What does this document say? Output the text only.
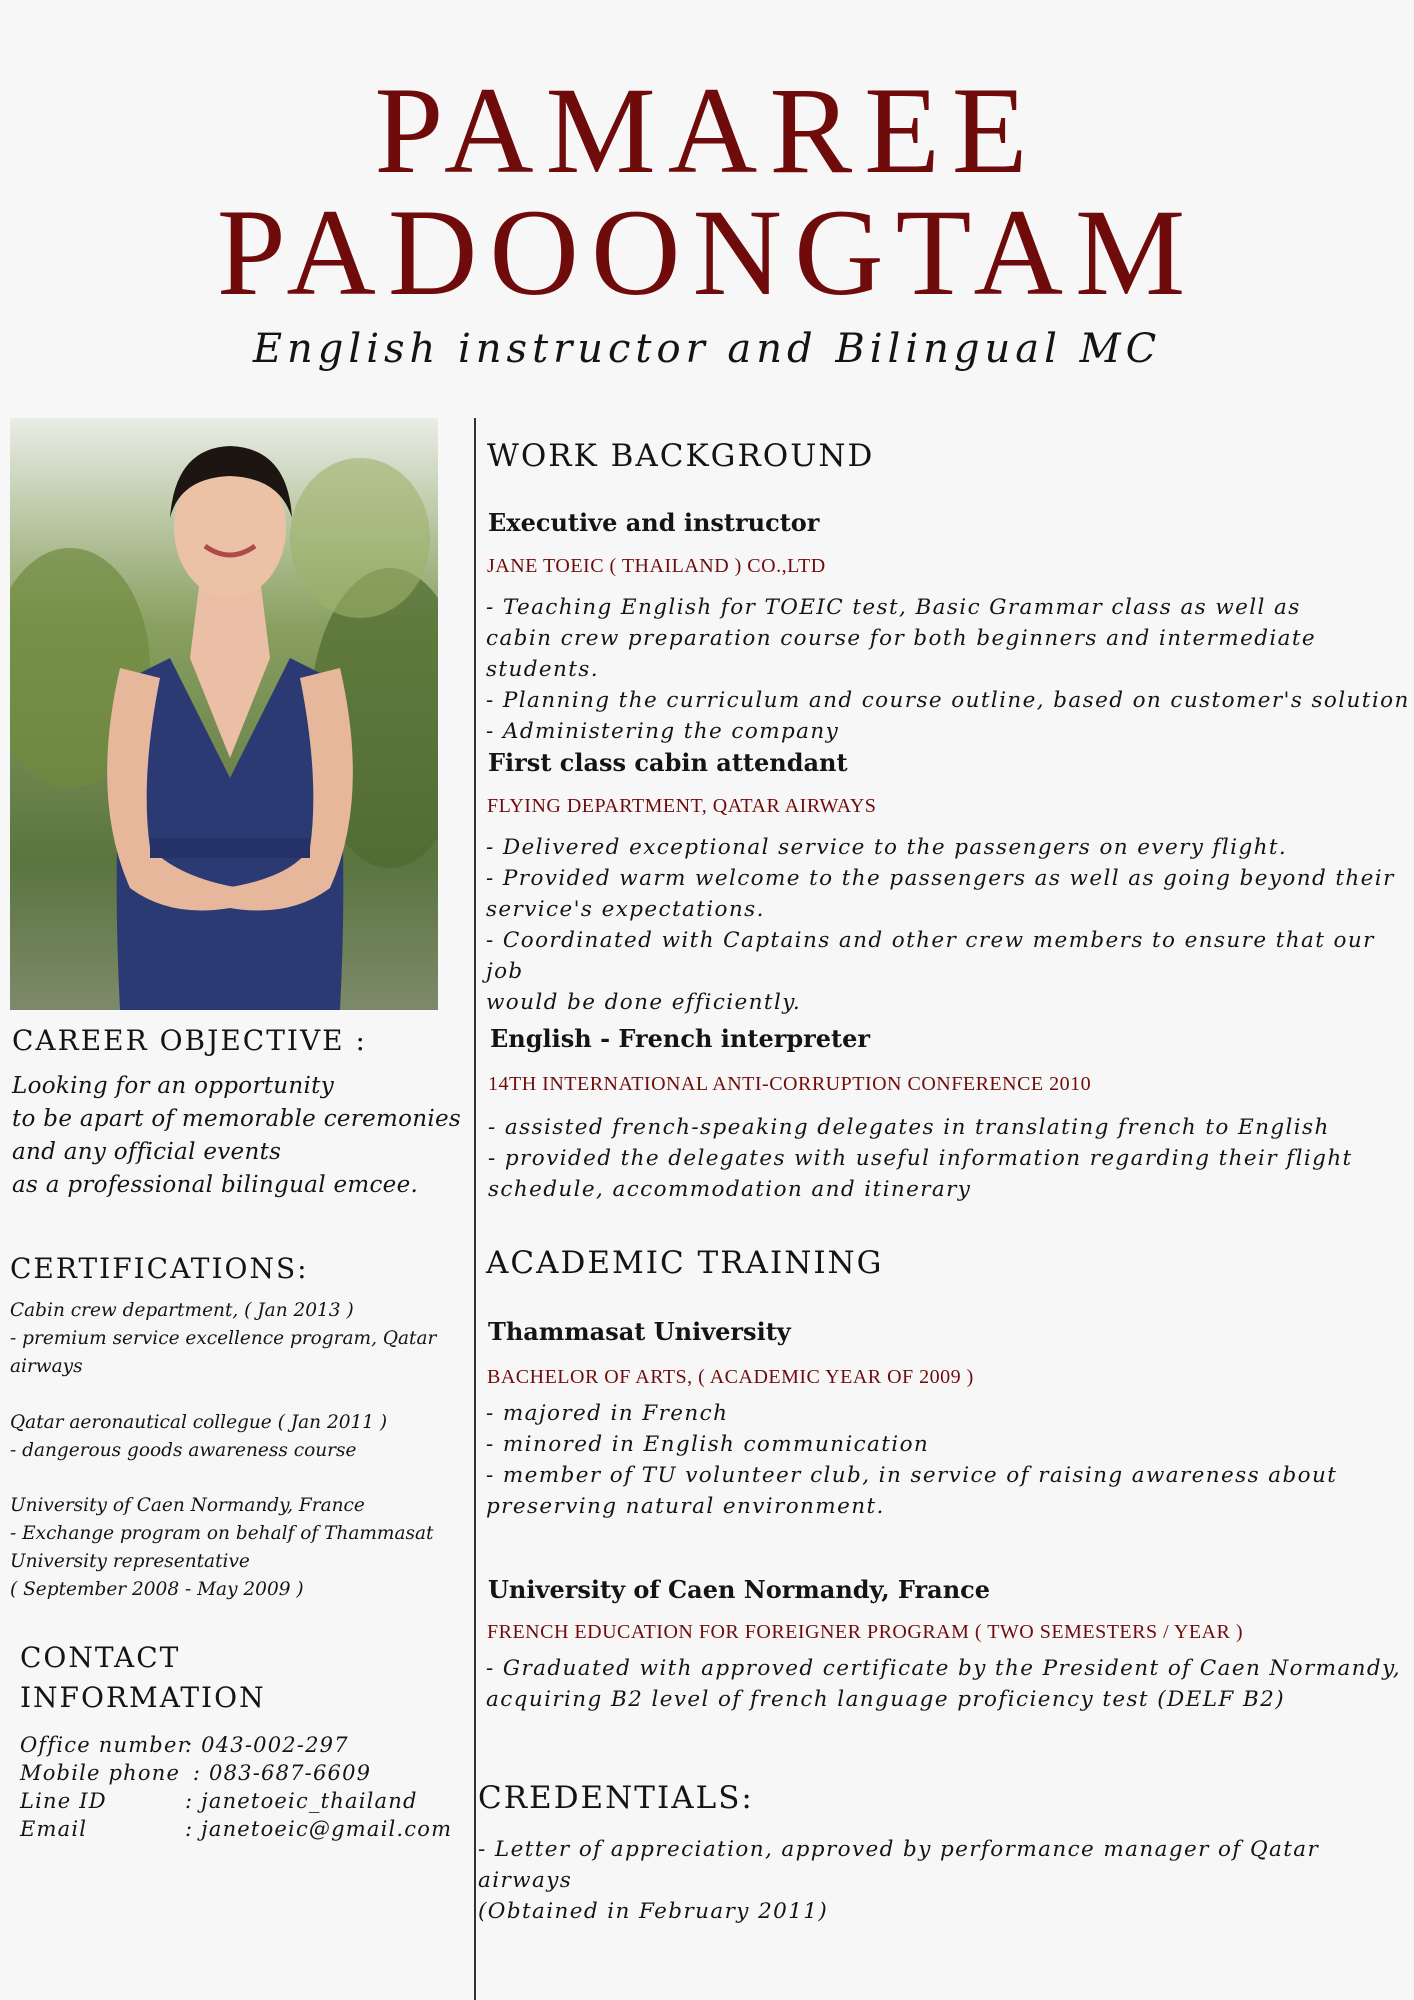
PAMAREE
PADOONGTAM
English instructor and Bilingual MC
CAREER OBJECTIVE :
Looking for an opportunity
to be apart of memorable ceremonies
and any official events
as a professional bilingual emcee.
CERTIFICATIONS:
Cabin crew department, ( Jan 2013 )
- premium service excellence program, Qatar
airways
Qatar aeronautical collegue ( Jan 2011 )
- dangerous goods awareness course
University of Caen Normandy, France
- Exchange program on behalf of Thammasat
University representative
( September 2008 - May 2009 )
CONTACT
INFORMATION
Office number: 043-002-297
Mobile phone : 083-687-6609
Line ID	: janetoeic_thailand
Email	: janetoeic@gmail.com
WORK BACKGROUND
Executive and instructor
JANE TOEIC ( THAILAND ) CO.,LTD
- Teaching English for TOEIC test, Basic Grammar class as well as
cabin crew preparation course for both beginners and intermediate students.
- Planning the curriculum and course outline, based on customer's solution
- Administering the company
First class cabin attendant
FLYING DEPARTMENT, QATAR AIRWAYS
- Delivered exceptional service to the passengers on every flight.
- Provided warm welcome to the passengers as well as going beyond their
service's expectations.
- Coordinated with Captains and other crew members to ensure that our job
would be done efficiently.
English - French interpreter
14TH INTERNATIONAL ANTI-CORRUPTION CONFERENCE 2010
- assisted french-speaking delegates in translating french to English
- provided the delegates with useful information regarding their flight
schedule, accommodation and itinerary
ACADEMIC TRAINING
Thammasat University
BACHELOR OF ARTS, ( ACADEMIC YEAR OF 2009 )
- majored in French
- minored in English communication
- member of TU volunteer club, in service of raising awareness about
preserving natural environment.
University of Caen Normandy, France
FRENCH EDUCATION FOR FOREIGNER PROGRAM ( TWO SEMESTERS / YEAR )
- Graduated with approved certificate by the President of Caen Normandy,
acquiring B2 level of french language proficiency test (DELF B2)
CREDENTIALS:
- Letter of appreciation, approved by performance manager of Qatar airways
(Obtained in February 2011)
